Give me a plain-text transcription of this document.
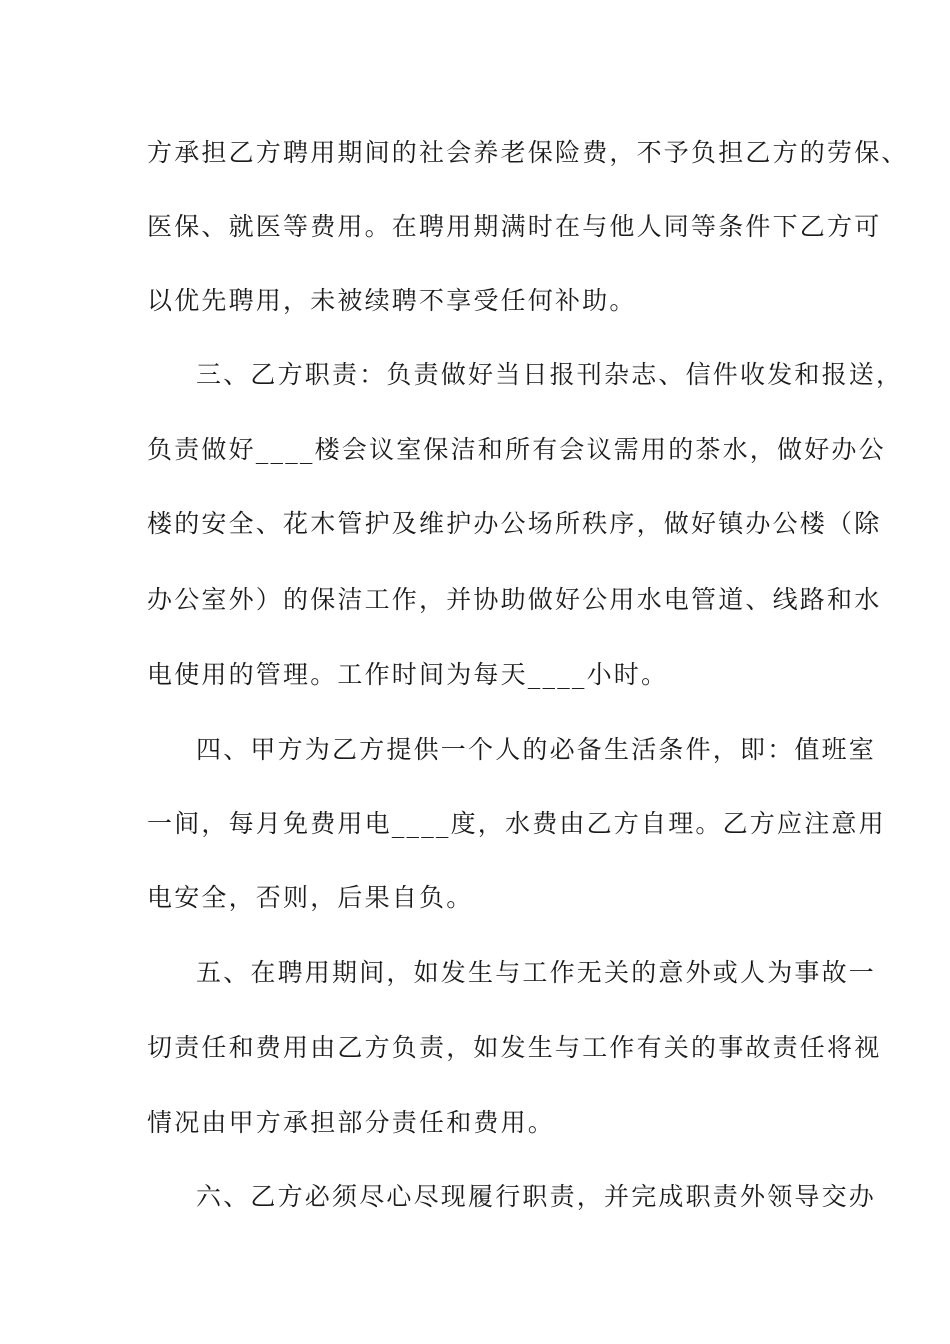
方承担乙方聘用期间的社会养老保险费，不予负担乙方的劳保、
医保、就医等费用。在聘用期满时在与他人同等条件下乙方可
以优先聘用，未被续聘不享受任何补助。
三、乙方职责：负责做好当日报刊杂志、信件收发和报送，
负责做好____楼会议室保洁和所有会议需用的茶水，做好办公
楼的安全、花木管护及维护办公场所秩序，做好镇办公楼（除
办公室外）的保洁工作，并协助做好公用水电管道、线路和水
电使用的管理。工作时间为每天____小时。
四、甲方为乙方提供一个人的必备生活条件，即：值班室
一间，每月免费用电____度，水费由乙方自理。乙方应注意用
电安全，否则，后果自负。
五、在聘用期间，如发生与工作无关的意外或人为事故一
切责任和费用由乙方负责，如发生与工作有关的事故责任将视
情况由甲方承担部分责任和费用。
六、乙方必须尽心尽现履行职责，并完成职责外领导交办
